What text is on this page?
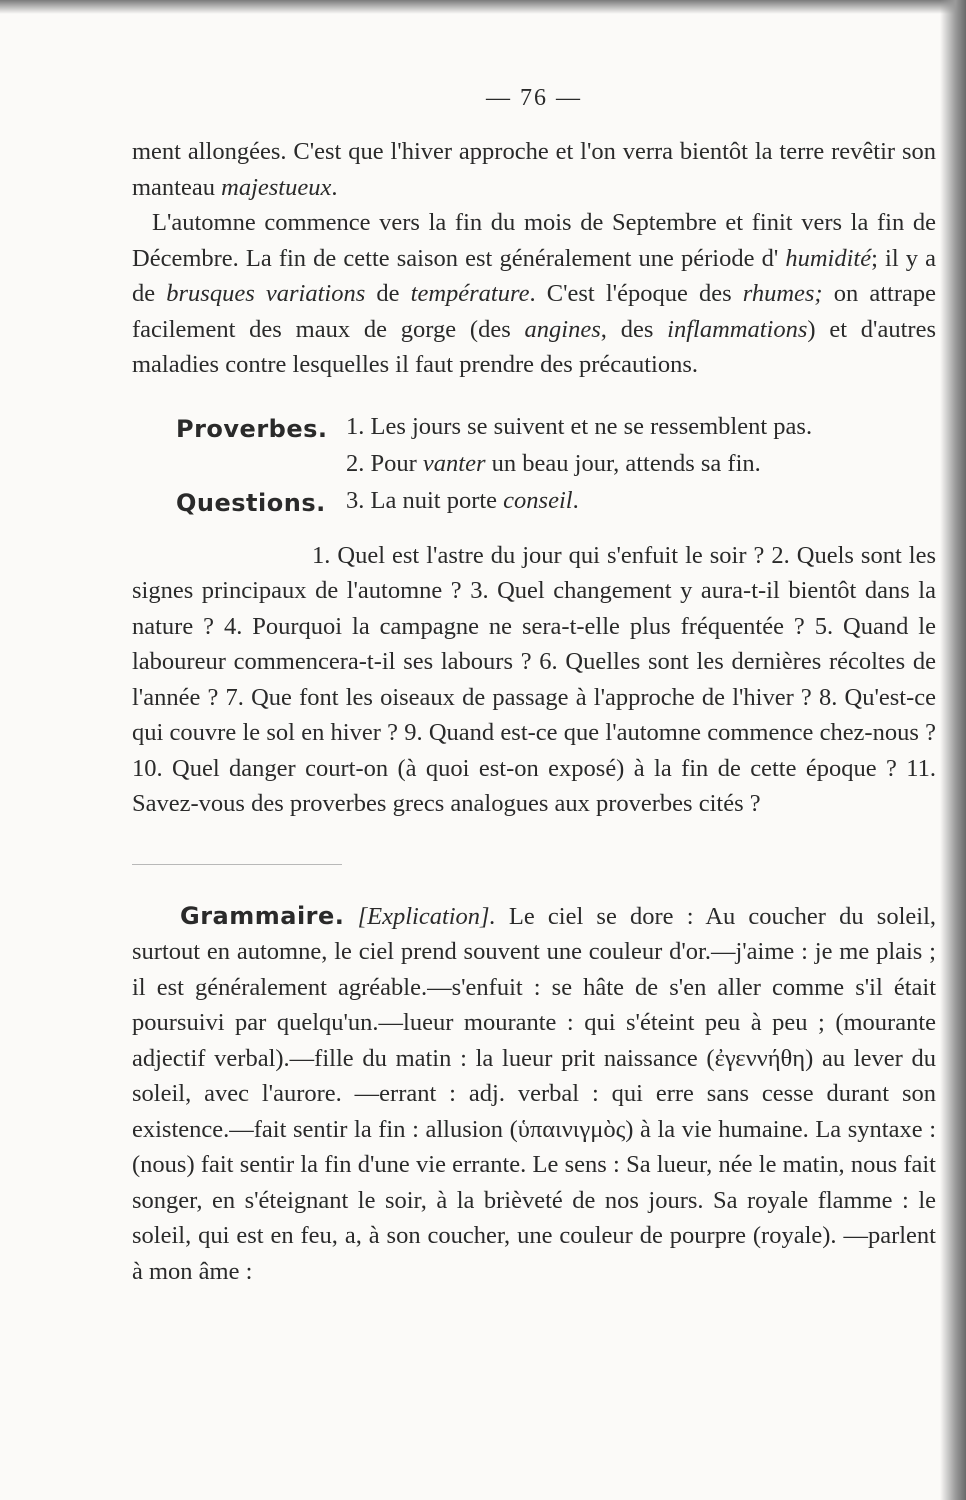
— 76 —

ment allongées. C'est que l'hiver approche et l'on verra bientôt la terre revêtir son manteau majestueux.

L'automne commence vers la fin du mois de Septembre et finit vers la fin de Décembre. La fin de cette saison est généralement une période d' humidité; il y a de brusques variations de température. C'est l'époque des rhumes; on attrape facilement des maux de gorge (des angines, des inflammations) et d'autres maladies contre lesquelles il faut prendre des précautions.

Proverbes. 1. Les jours se suivent et ne se ressemblent pas.
2. Pour vanter un beau jour, attends sa fin.
Questions. 3. La nuit porte conseil.

1. Quel est l'astre du jour qui s'enfuit le soir ? 2. Quels sont les signes principaux de l'automne ? 3. Quel changement y aura-t-il bientôt dans la nature ? 4. Pourquoi la campagne ne sera-t-elle plus fréquentée ? 5. Quand le laboureur commencera-t-il ses labours ? 6. Quelles sont les dernières récoltes de l'année ? 7. Que font les oiseaux de passage à l'approche de l'hiver ? 8. Qu'est-ce qui couvre le sol en hiver ? 9. Quand est-ce que l'automne commence chez-nous ? 10. Quel danger court-on (à quoi est-on exposé) à la fin de cette époque ? 11. Savez-vous des proverbes grecs analogues aux proverbes cités ?

Grammaire. [Explication]. Le ciel se dore : Au coucher du soleil, surtout en automne, le ciel prend souvent une couleur d'or.—j'aime : je me plais ; il est généralement agréable.—s'enfuit : se hâte de s'en aller comme s'il était poursuivi par quelqu'un.—lueur mourante : qui s'éteint peu à peu ; (mourante adjectif verbal).—fille du matin : la lueur prit naissance (ἐγεννήθη) au lever du soleil, avec l'aurore. —errant : adj. verbal : qui erre sans cesse durant son existence.—fait sentir la fin : allusion (ὑπαινιγμὸς) à la vie humaine. La syntaxe : (nous) fait sentir la fin d'une vie errante. Le sens : Sa lueur, née le matin, nous fait songer, en s'éteignant le soir, à la brièveté de nos jours. Sa royale flamme : le soleil, qui est en feu, a, à son coucher, une couleur de pourpre (royale). —parlent à mon âme :
